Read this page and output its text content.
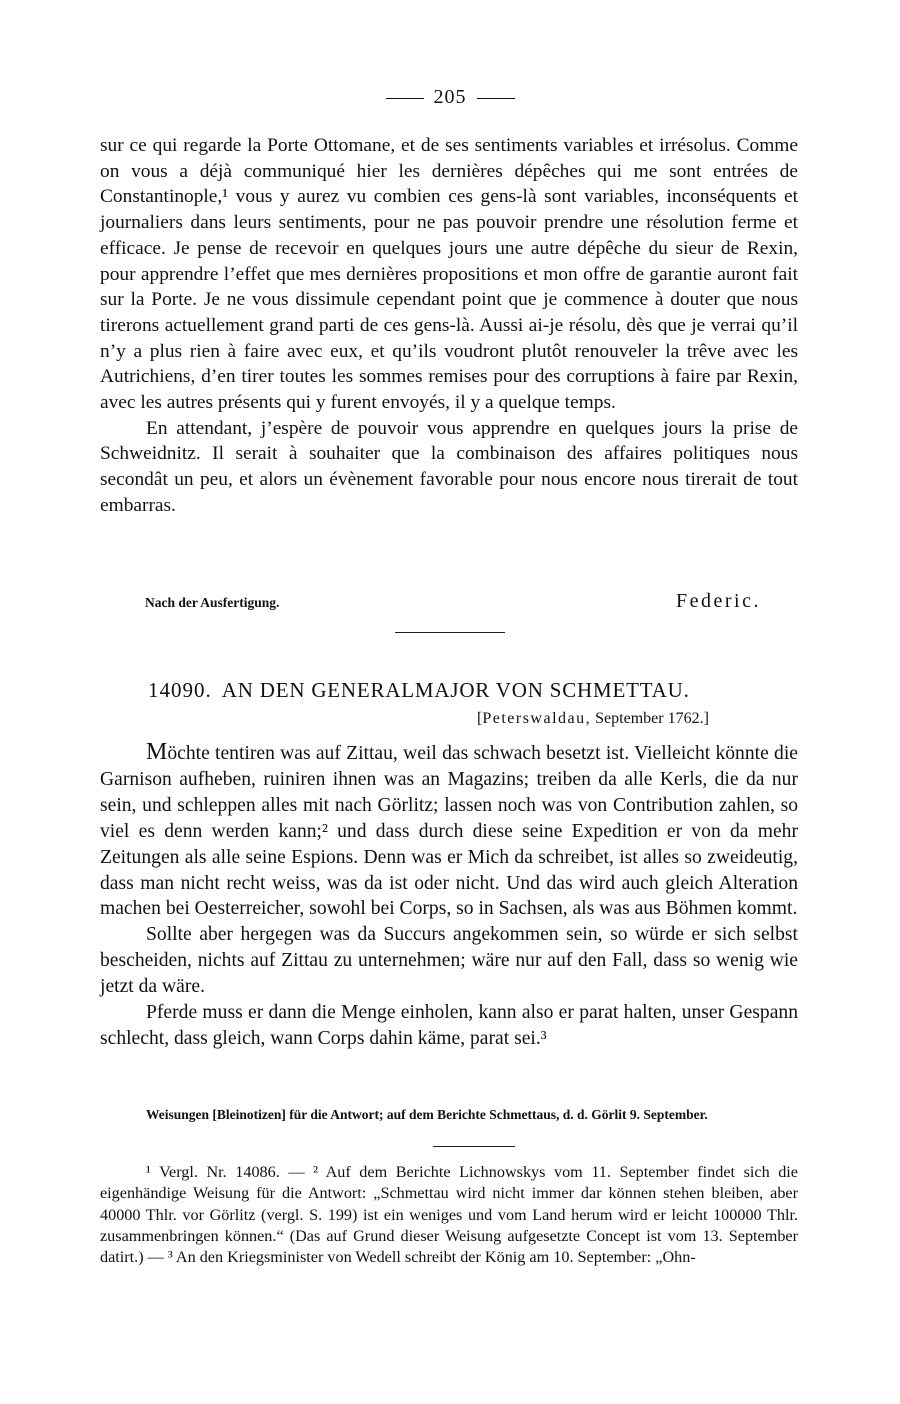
205

sur ce qui regarde la Porte Ottomane, et de ses sentiments variables et irrésolus. Comme on vous a déjà communiqué hier les dernières dépêches qui me sont entrées de Constantinople,¹ vous y aurez vu combien ces gens-là sont variables, inconséquents et journaliers dans leurs sentiments, pour ne pas pouvoir prendre une résolution ferme et efficace. Je pense de recevoir en quelques jours une autre dépêche du sieur de Rexin, pour apprendre l’effet que mes dernières propositions et mon offre de garantie auront fait sur la Porte. Je ne vous dissimule cependant point que je commence à douter que nous tirerons actuellement grand parti de ces gens-là. Aussi ai-je résolu, dès que je verrai qu’il n’y a plus rien à faire avec eux, et qu’ils voudront plutôt renouveler la trêve avec les Autrichiens, d’en tirer toutes les sommes remises pour des corruptions à faire par Rexin, avec les autres présents qui y furent envoyés, il y a quelque temps.

En attendant, j’espère de pouvoir vous apprendre en quelques jours la prise de Schweidnitz. Il serait à souhaiter que la combinaison des affaires politiques nous secondât un peu, et alors un évènement favorable pour nous encore nous tirerait de tout embarras.

Nach der Ausfertigung.	Federic.
14090. AN DEN GENERALMAJOR VON SCHMETTAU.
[Peterswaldau, September 1762.]

Möchte tentiren was auf Zittau, weil das schwach besetzt ist. Vielleicht könnte die Garnison aufheben, ruiniren ihnen was an Magazins; treiben da alle Kerls, die da nur sein, und schleppen alles mit nach Görlitz; lassen noch was von Contribution zahlen, so viel es denn werden kann;² und dass durch diese seine Expedition er von da mehr Zeitungen als alle seine Espions. Denn was er Mich da schreibet, ist alles so zweideutig, dass man nicht recht weiss, was da ist oder nicht. Und das wird auch gleich Alteration machen bei Oesterreicher, sowohl bei Corps, so in Sachsen, als was aus Böhmen kommt.

Sollte aber hergegen was da Succurs angekommen sein, so würde er sich selbst bescheiden, nichts auf Zittau zu unternehmen; wäre nur auf den Fall, dass so wenig wie jetzt da wäre.

Pferde muss er dann die Menge einholen, kann also er parat halten, unser Gespann schlecht, dass gleich, wann Corps dahin käme, parat sei.³

Weisungen [Bleinotizen] für die Antwort; auf dem Berichte Schmettaus, d. d. Görlit 9. September.

¹ Vergl. Nr. 14086. — ² Auf dem Berichte Lichnowskys vom 11. September findet sich die eigenhändige Weisung für die Antwort: „Schmettau wird nicht immer dar können stehen bleiben, aber 40000 Thlr. vor Görlitz (vergl. S. 199) ist ein weniges und vom Land herum wird er leicht 100000 Thlr. zusammenbringen können.“ (Das auf Grund dieser Weisung aufgesetzte Concept ist vom 13. September datirt.) — ³ An den Kriegsminister von Wedell schreibt der König am 10. September: „Ohn-
